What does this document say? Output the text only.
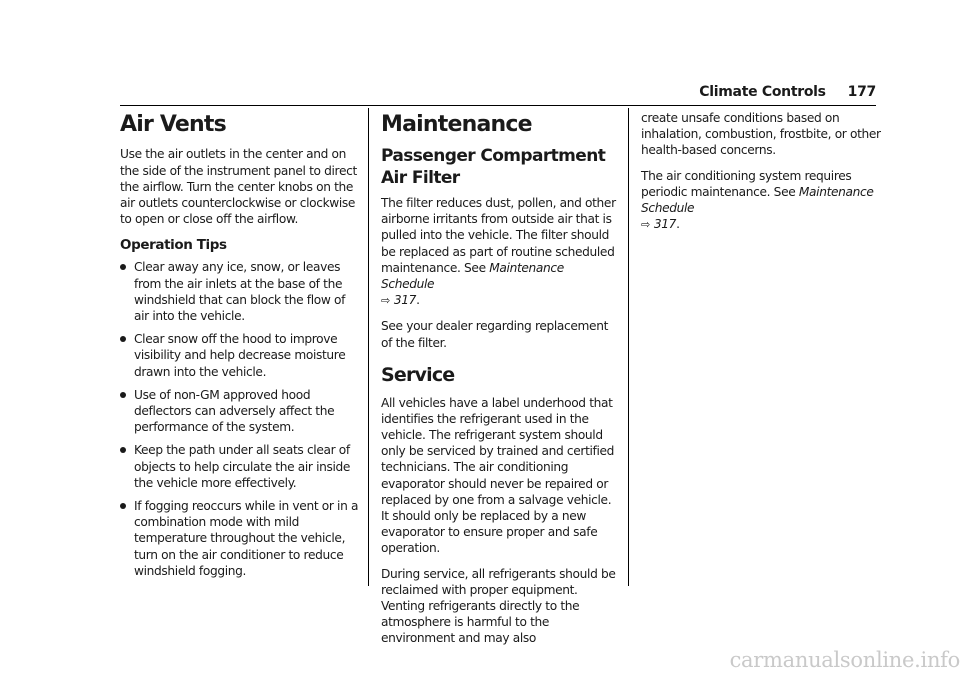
Climate Controls 177
Air Vents

Use the air outlets in the center and on the side of the instrument panel to direct the airflow. Turn the center knobs on the air outlets counterclockwise or clockwise to open or close off the airflow.

Operation Tips
Clear away any ice, snow, or leaves from the air inlets at the base of the windshield that can block the flow of air into the vehicle.
Clear snow off the hood to improve visibility and help decrease moisture drawn into the vehicle.
Use of non-GM approved hood deflectors can adversely affect the performance of the system.
Keep the path under all seats clear of objects to help circulate the air inside the vehicle more effectively.
If fogging reoccurs while in vent or in a combination mode with mild temperature throughout the vehicle, turn on the air conditioner to reduce windshield fogging.
Maintenance
Passenger Compartment Air Filter

The filter reduces dust, pollen, and other airborne irritants from outside air that is pulled into the vehicle. The filter should be replaced as part of routine scheduled maintenance. See Maintenance Schedule
⇨ 317.

See your dealer regarding replacement of the filter.

Service

All vehicles have a label underhood that identifies the refrigerant used in the vehicle. The refrigerant system should only be serviced by trained and certified technicians. The air conditioning evaporator should never be repaired or replaced by one from a salvage vehicle. It should only be replaced by a new evaporator to ensure proper and safe operation.

During service, all refrigerants should be reclaimed with proper equipment. Venting refrigerants directly to the atmosphere is harmful to the environment and may also

create unsafe conditions based on inhalation, combustion, frostbite, or other health-based concerns.

The air conditioning system requires periodic maintenance. See Maintenance Schedule
⇨ 317.

carmanualsonline.info
